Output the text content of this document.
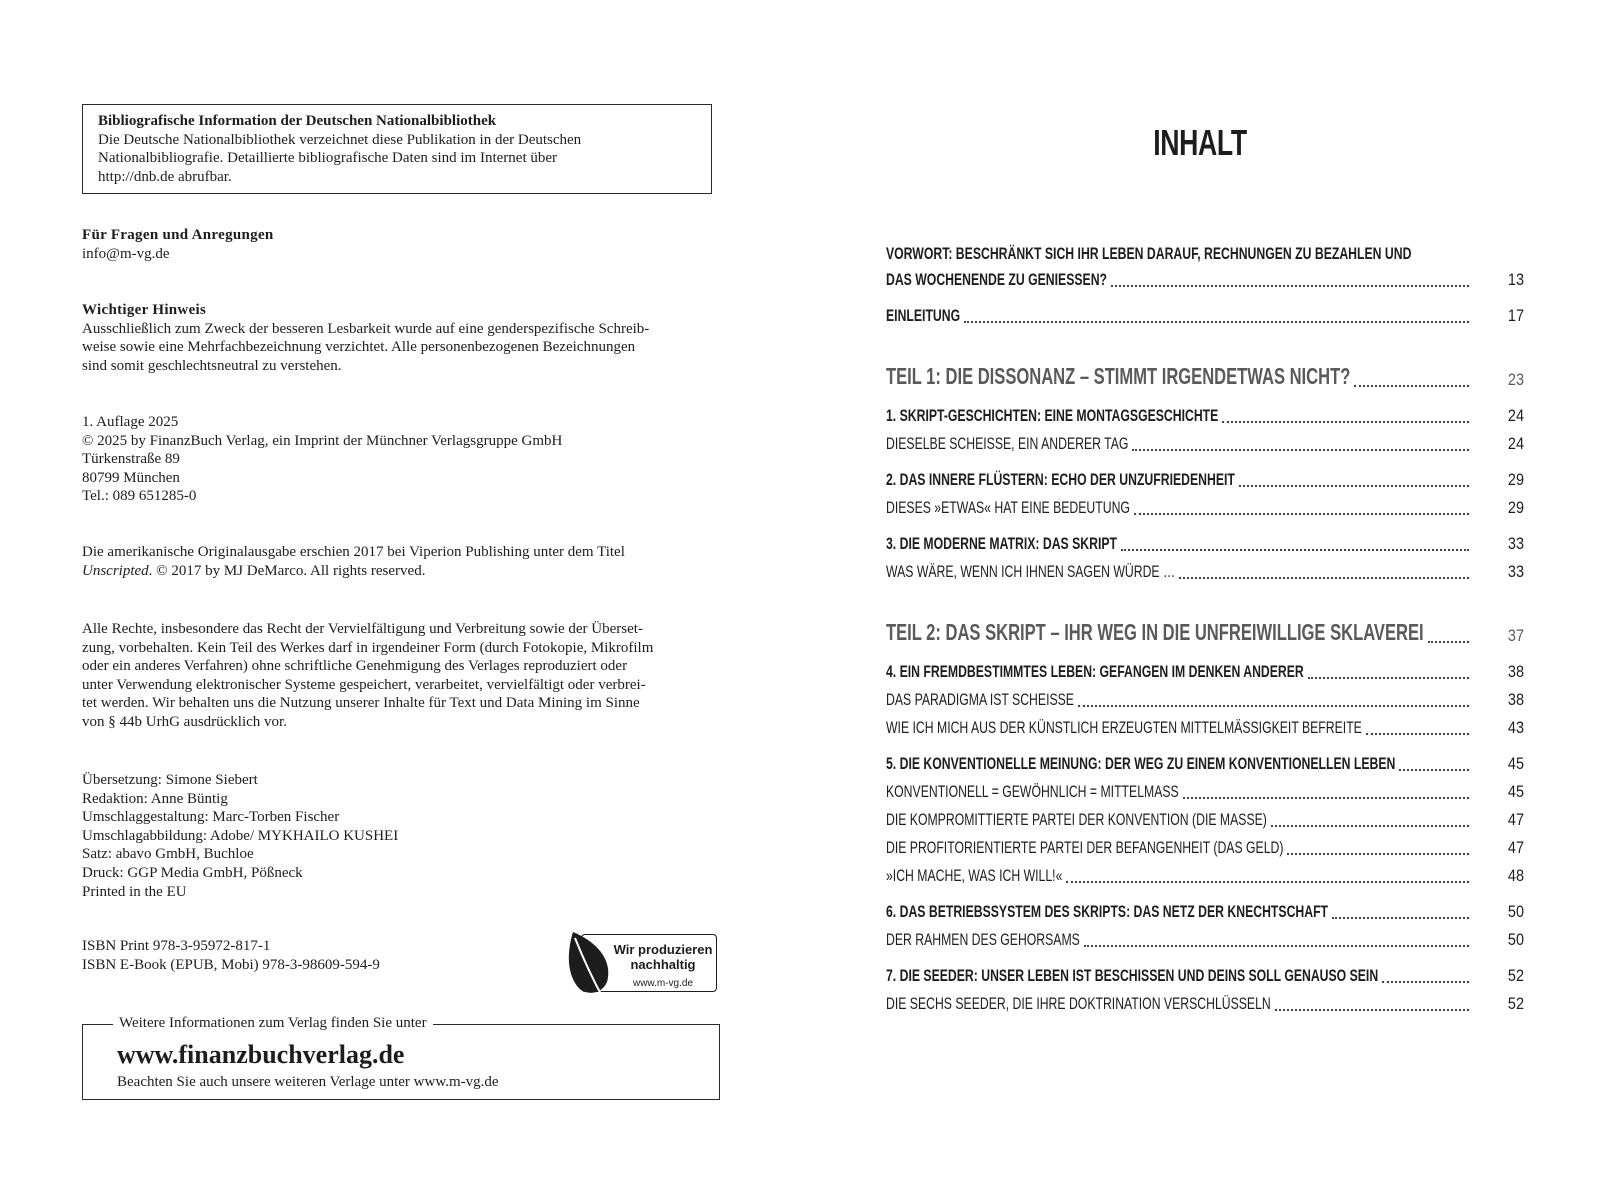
Bibliografische Information der Deutschen Nationalbibliothek
Die Deutsche Nationalbibliothek verzeichnet diese Publikation in der Deutschen
Nationalbibliografie. Detaillierte bibliografische Daten sind im Internet über
http://dnb.de abrufbar.
Für Fragen und Anregungen
info@m-vg.de
Wichtiger Hinweis
Ausschließlich zum Zweck der besseren Lesbarkeit wurde auf eine genderspezifische Schreib-
weise sowie eine Mehrfachbezeichnung verzichtet. Alle personenbezogenen Bezeichnungen
sind somit geschlechtsneutral zu verstehen.
1. Auflage 2025
© 2025 by FinanzBuch Verlag, ein Imprint der Münchner Verlagsgruppe GmbH
Türkenstraße 89
80799 München
Tel.: 089 651285-0
Die amerikanische Originalausgabe erschien 2017 bei Viperion Publishing unter dem Titel
Unscripted. © 2017 by MJ DeMarco. All rights reserved.
Alle Rechte, insbesondere das Recht der Vervielfältigung und Verbreitung sowie der Überset-
zung, vorbehalten. Kein Teil des Werkes darf in irgendeiner Form (durch Fotokopie, Mikrofilm
oder ein anderes Verfahren) ohne schriftliche Genehmigung des Verlages reproduziert oder
unter Verwendung elektronischer Systeme gespeichert, verarbeitet, vervielfältigt oder verbrei-
tet werden. Wir behalten uns die Nutzung unserer Inhalte für Text und Data Mining im Sinne
von § 44b UrhG ausdrücklich vor.
Übersetzung: Simone Siebert
Redaktion: Anne Büntig
Umschlaggestaltung: Marc-Torben Fischer
Umschlagabbildung: Adobe/ MYKHAILO KUSHEI
Satz: abavo GmbH, Buchloe
Druck: GGP Media GmbH, Pößneck
Printed in the EU
ISBN Print 978-3-95972-817-1
ISBN E-Book (EPUB, Mobi) 978-3-98609-594-9
Wir produzieren
nachhaltig
www.m-vg.de
Weitere Informationen zum Verlag finden Sie unter
www.finanzbuchverlag.de
Beachten Sie auch unsere weiteren Verlage unter www.m-vg.de
INHALT
VORWORT: BESCHRÄNKT SICH IHR LEBEN DARAUF, RECHNUNGEN ZU BEZAHLEN UND
DAS WOCHENENDE ZU GENIESSEN?	13
EINLEITUNG	17
TEIL 1: DIE DISSONANZ – STIMMT IRGENDETWAS NICHT?	23
1. SKRIPT-GESCHICHTEN: EINE MONTAGSGESCHICHTE	24
DIESELBE SCHEISSE, EIN ANDERER TAG	24
2. DAS INNERE FLÜSTERN: ECHO DER UNZUFRIEDENHEIT	29
DIESES »ETWAS« HAT EINE BEDEUTUNG	29
3. DIE MODERNE MATRIX: DAS SKRIPT	33
WAS WÄRE, WENN ICH IHNEN SAGEN WÜRDE …	33
TEIL 2: DAS SKRIPT – IHR WEG IN DIE UNFREIWILLIGE SKLAVEREI	37
4. EIN FREMDBESTIMMTES LEBEN: GEFANGEN IM DENKEN ANDERER	38
DAS PARADIGMA IST SCHEISSE	38
WIE ICH MICH AUS DER KÜNSTLICH ERZEUGTEN MITTELMÄSSIGKEIT BEFREITE	43
5. DIE KONVENTIONELLE MEINUNG: DER WEG ZU EINEM KONVENTIONELLEN LEBEN	45
KONVENTIONELL = GEWÖHNLICH = MITTELMASS	45
DIE KOMPROMITTIERTE PARTEI DER KONVENTION (DIE MASSE)	47
DIE PROFITORIENTIERTE PARTEI DER BEFANGENHEIT (DAS GELD)	47
»ICH MACHE, WAS ICH WILL!«	48
6. DAS BETRIEBSSYSTEM DES SKRIPTS: DAS NETZ DER KNECHTSCHAFT	50
DER RAHMEN DES GEHORSAMS	50
7. DIE SEEDER: UNSER LEBEN IST BESCHISSEN UND DEINS SOLL GENAUSO SEIN	52
DIE SECHS SEEDER, DIE IHRE DOKTRINATION VERSCHLÜSSELN	52
